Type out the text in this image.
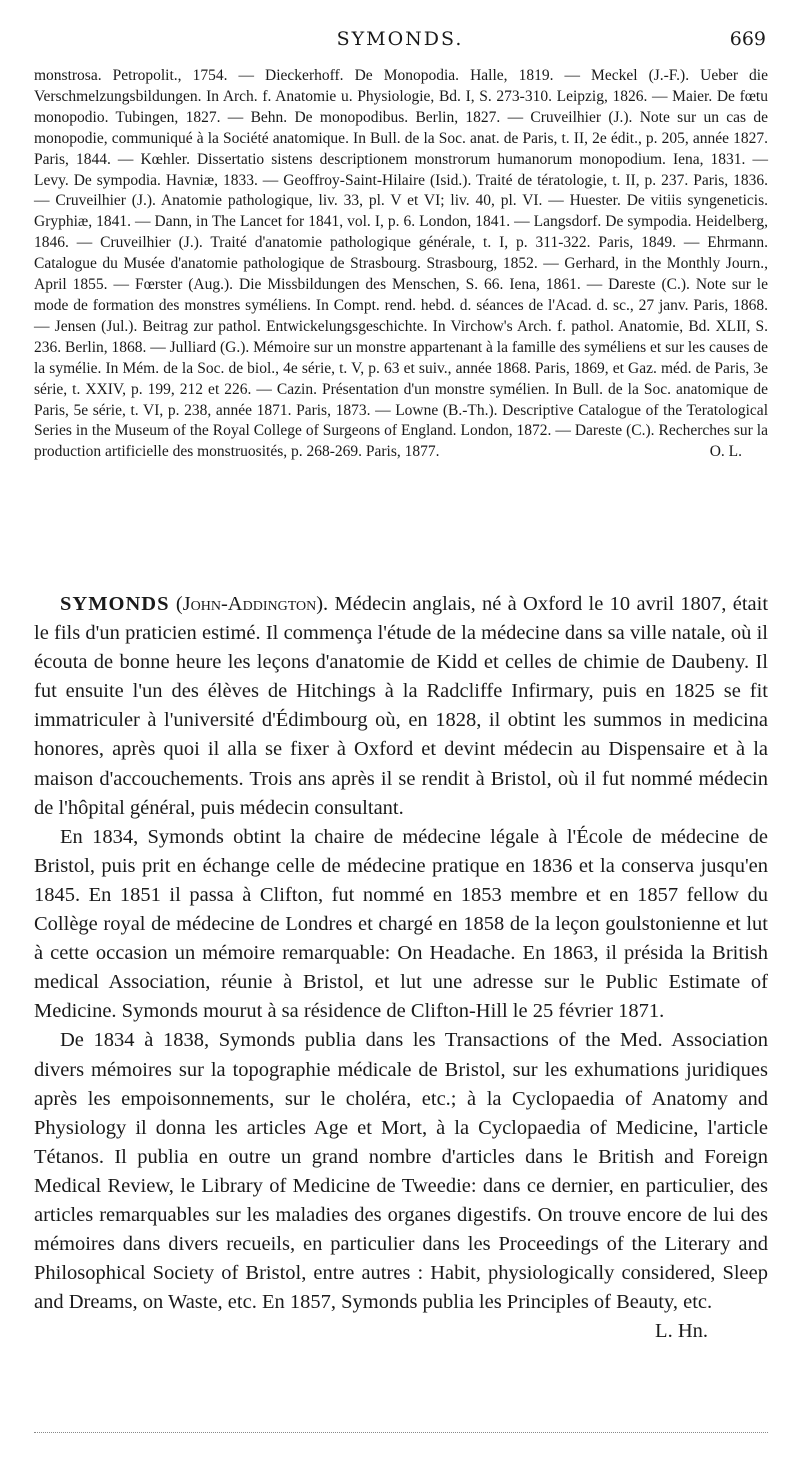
SYMONDS.	669

monstrosa. Petropolit., 1754. — Dieckerhoff. De Monopodia. Halle, 1819. — Meckel (J.-F.). Ueber die Verschmelzungsbildungen. In Arch. f. Anatomie u. Physiologie, Bd. I, S. 273-310. Leipzig, 1826. — Maier. De fœtu monopodio. Tubingen, 1827. — Behn. De monopodibus. Berlin, 1827. — Cruveilhier (J.). Note sur un cas de monopodie, communiqué à la Société anatomique. In Bull. de la Soc. anat. de Paris, t. II, 2e édit., p. 205, année 1827. Paris, 1844. — Kœhler. Dissertatio sistens descriptionem monstrorum humanorum monopodium. Iena, 1831. — Levy. De sympodia. Havniæ, 1833. — Geoffroy-Saint-Hilaire (Isid.). Traité de tératologie, t. II, p. 237. Paris, 1836. — Cruveilhier (J.). Anatomie pathologique, liv. 33, pl. V et VI; liv. 40, pl. VI. — Huester. De vitiis syngeneticis. Gryphiæ, 1841. — Dann, in The Lancet for 1841, vol. I, p. 6. London, 1841. — Langsdorf. De sympodia. Heidelberg, 1846. — Cruveilhier (J.). Traité d'anatomie pathologique générale, t. I, p. 311-322. Paris, 1849. — Ehrmann. Catalogue du Musée d'anatomie pathologique de Strasbourg. Strasbourg, 1852. — Gerhard, in the Monthly Journ., April 1855. — Fœrster (Aug.). Die Missbildungen des Menschen, S. 66. Iena, 1861. — Dareste (C.). Note sur le mode de formation des monstres syméliens. In Compt. rend. hebd. d. séances de l'Acad. d. sc., 27 janv. Paris, 1868. — Jensen (Jul.). Beitrag zur pathol. Entwickelungsgeschichte. In Virchow's Arch. f. pathol. Anatomie, Bd. XLII, S. 236. Berlin, 1868. — Julliard (G.). Mémoire sur un monstre appartenant à la famille des syméliens et sur les causes de la symélie. In Mém. de la Soc. de biol., 4e série, t. V, p. 63 et suiv., année 1868. Paris, 1869, et Gaz. méd. de Paris, 3e série, t. XXIV, p. 199, 212 et 226. — Cazin. Présentation d'un monstre symélien. In Bull. de la Soc. anatomique de Paris, 5e série, t. VI, p. 238, année 1871. Paris, 1873. — Lowne (B.-Th.). Descriptive Catalogue of the Teratological Series in the Museum of the Royal College of Surgeons of England. London, 1872. — Dareste (C.). Recherches sur la production artificielle des monstruosités, p. 268-269. Paris, 1877.	O. L.

SYMONDS (John-Addington). Médecin anglais, né à Oxford le 10 avril 1807, était le fils d'un praticien estimé. Il commença l'étude de la médecine dans sa ville natale, où il écouta de bonne heure les leçons d'anatomie de Kidd et celles de chimie de Daubeny. Il fut ensuite l'un des élèves de Hitchings à la Radcliffe Infirmary, puis en 1825 se fit immatriculer à l'université d'Édimbourg où, en 1828, il obtint les summos in medicina honores, après quoi il alla se fixer à Oxford et devint médecin au Dispensaire et à la maison d'accouchements. Trois ans après il se rendit à Bristol, où il fut nommé médecin de l'hôpital général, puis médecin consultant.

En 1834, Symonds obtint la chaire de médecine légale à l'École de médecine de Bristol, puis prit en échange celle de médecine pratique en 1836 et la conserva jusqu'en 1845. En 1851 il passa à Clifton, fut nommé en 1853 membre et en 1857 fellow du Collège royal de médecine de Londres et chargé en 1858 de la leçon goulstonienne et lut à cette occasion un mémoire remarquable: On Headache. En 1863, il présida la British medical Association, réunie à Bristol, et lut une adresse sur le Public Estimate of Medicine. Symonds mourut à sa résidence de Clifton-Hill le 25 février 1871.

De 1834 à 1838, Symonds publia dans les Transactions of the Med. Association divers mémoires sur la topographie médicale de Bristol, sur les exhumations juridiques après les empoisonnements, sur le choléra, etc.; à la Cyclopaedia of Anatomy and Physiology il donna les articles Age et Mort, à la Cyclopaedia of Medicine, l'article Tétanos. Il publia en outre un grand nombre d'articles dans le British and Foreign Medical Review, le Library of Medicine de Tweedie: dans ce dernier, en particulier, des articles remarquables sur les maladies des organes digestifs. On trouve encore de lui des mémoires dans divers recueils, en particulier dans les Proceedings of the Literary and Philosophical Society of Bristol, entre autres : Habit, physiologically considered, Sleep and Dreams, on Waste, etc. En 1857, Symonds publia les Principles of Beauty, etc.
L. Hn.
